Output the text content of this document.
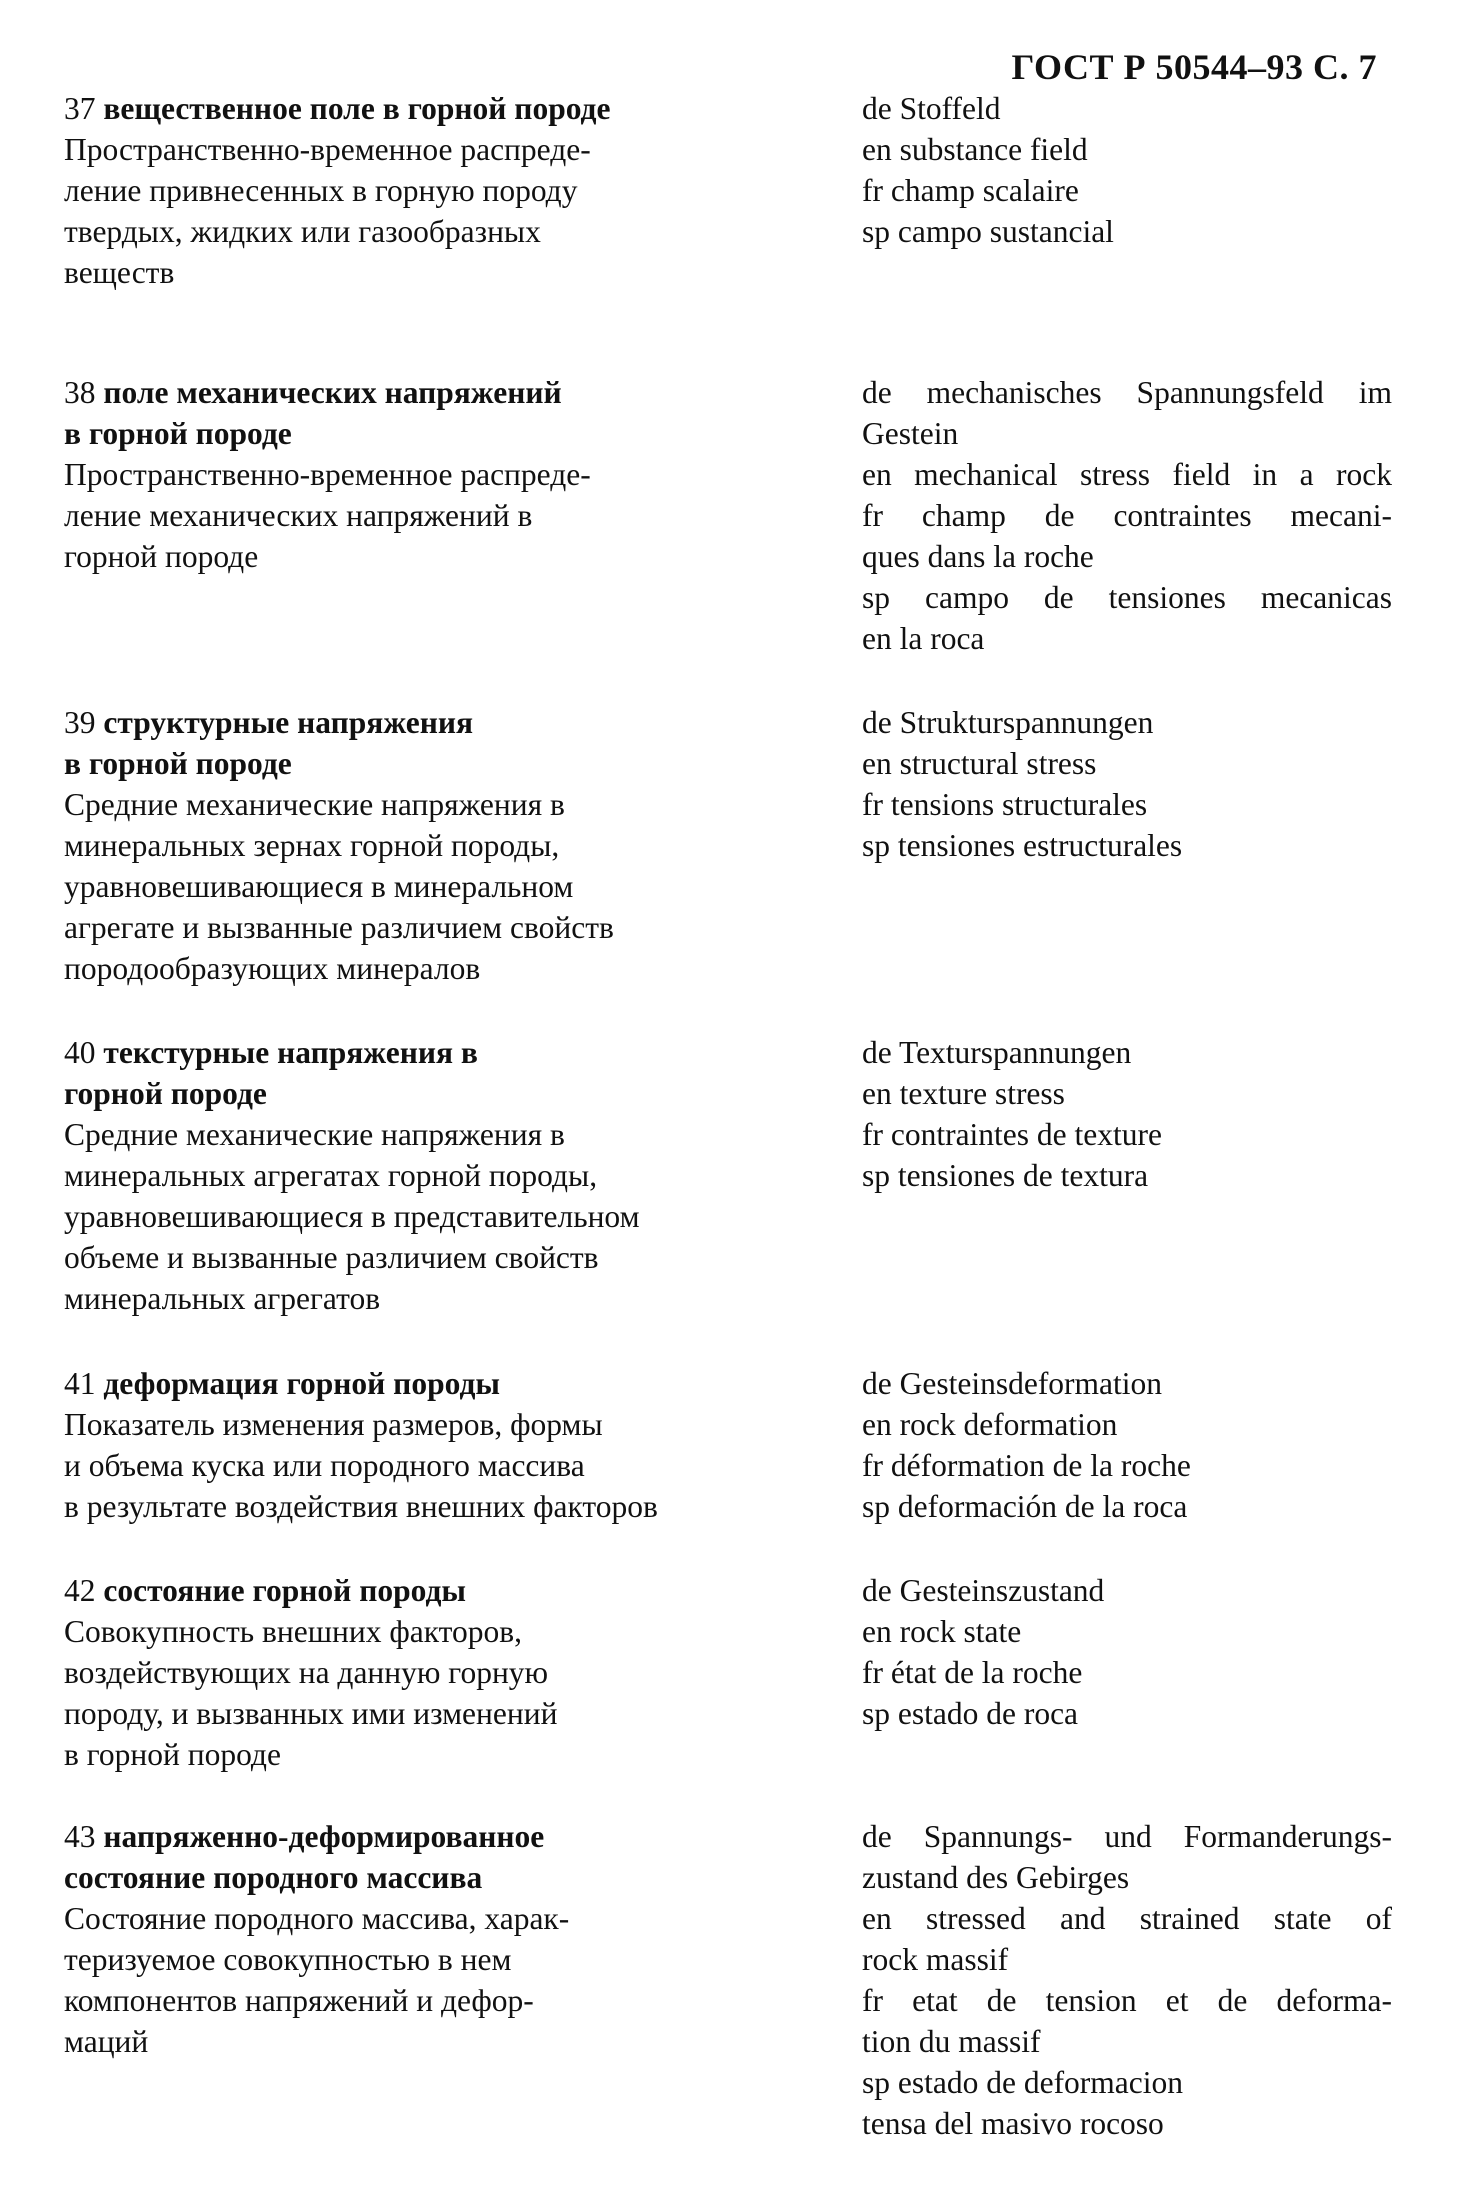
ГОСТ Р 50544–93 С. 7
37 вещественное поле в горной породе
Пространственно-временное распреде-
ление привнесенных в горную породу
твердых, жидких или газообразных
веществ
de Stoffeld
en substance field
fr champ scalaire
sp campo sustancial
38 поле механических напряжений
в горной породе
Пространственно-временное распреде-
ление механических напряжений в
горной породе
de mechanisches Spannungsfeld im
Gestein
en mechanical stress field in a rock
fr champ de contraintes mecani-
ques dans la roche
sp campo de tensiones mecanicas
en la roca
39 структурные напряжения
в горной породе
Средние механические напряжения в
минеральных зернах горной породы,
уравновешивающиеся в минеральном
агрегате и вызванные различием свойств
породообразующих минералов
de Strukturspannungen
en structural stress
fr tensions structurales
sp tensiones estructurales
40 текстурные напряжения в
горной породе
Средние механические напряжения в
минеральных агрегатах горной породы,
уравновешивающиеся в представительном
объеме и вызванные различием свойств
минеральных агрегатов
de Texturspannungen
en texture stress
fr contraintes de texture
sp tensiones de textura
41 деформация горной породы
Показатель изменения размеров, формы
и объема куска или породного массива
в результате воздействия внешних факторов
de Gesteinsdeformation
en rock deformation
fr déformation de la roche
sp deformación de la roca
42 состояние горной породы
Совокупность внешних факторов,
воздействующих на данную горную
породу, и вызванных ими изменений
в горной породе
de Gesteinszustand
en rock state
fr état de la roche
sp estado de roca
43 напряженно-деформированное
состояние породного массива
Состояние породного массива, харак-
теризуемое совокупностью в нем
компонентов напряжений и дефор-
маций
de Spannungs- und Formanderungs-
zustand des Gebirges
en stressed and strained state of
rock massif
fr etat de tension et de deforma-
tion du massif
sp estado de deformacion
tensa del masivo rocoso
